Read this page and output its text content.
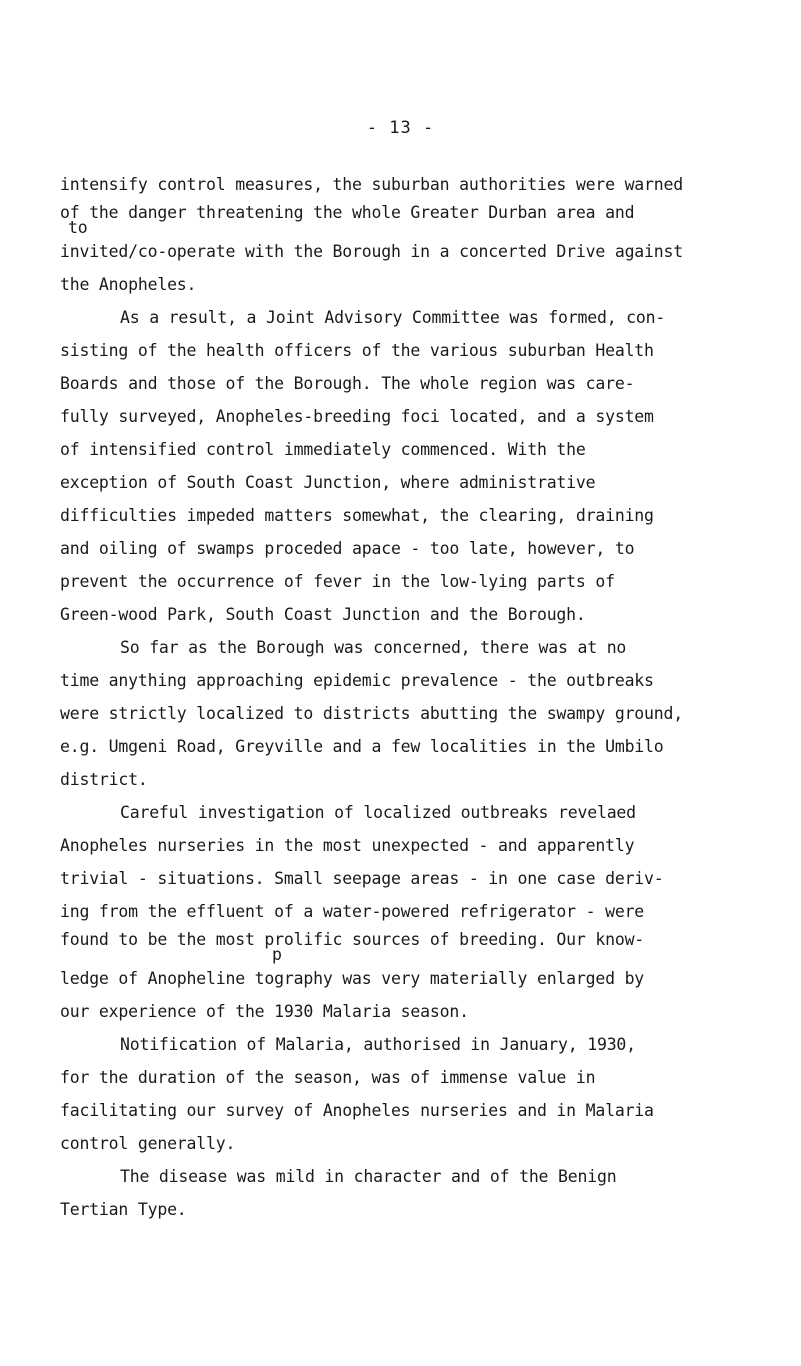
- 13 -
intensify control measures, the suburban authorities were warned
of the danger threatening the whole Greater Durban area and
to
invited/co-operate with the Borough in a concerted Drive against
the Anopheles.
As a result, a Joint Advisory Committee was formed, con-
sisting of the health officers of the various suburban Health
Boards and those of the Borough. The whole region was care-
fully surveyed, Anopheles-breeding foci located, and a system
of intensified control immediately commenced. With the
exception of South Coast Junction, where administrative
difficulties impeded matters somewhat, the clearing, draining
and oiling of swamps proceded apace - too late, however, to
prevent the occurrence of fever in the low-lying parts of
Green-wood Park, South Coast Junction and the Borough.
So far as the Borough was concerned, there was at no
time anything approaching epidemic prevalence - the outbreaks
were strictly localized to districts abutting the swampy ground,
e.g. Umgeni Road, Greyville and a few localities in the Umbilo
district.
Careful investigation of localized outbreaks revelaed
Anopheles nurseries in the most unexpected - and apparently
trivial - situations. Small seepage areas - in one case deriv-
ing from the effluent of a water-powered refrigerator - were
found to be the most prolific sources of breeding. Our know-
p
ledge of Anopheline tography was very materially enlarged by
our experience of the 1930 Malaria season.
Notification of Malaria, authorised in January, 1930,
for the duration of the season, was of immense value in
facilitating our survey of Anopheles nurseries and in Malaria
control generally.
The disease was mild in character and of the Benign
Tertian Type.
